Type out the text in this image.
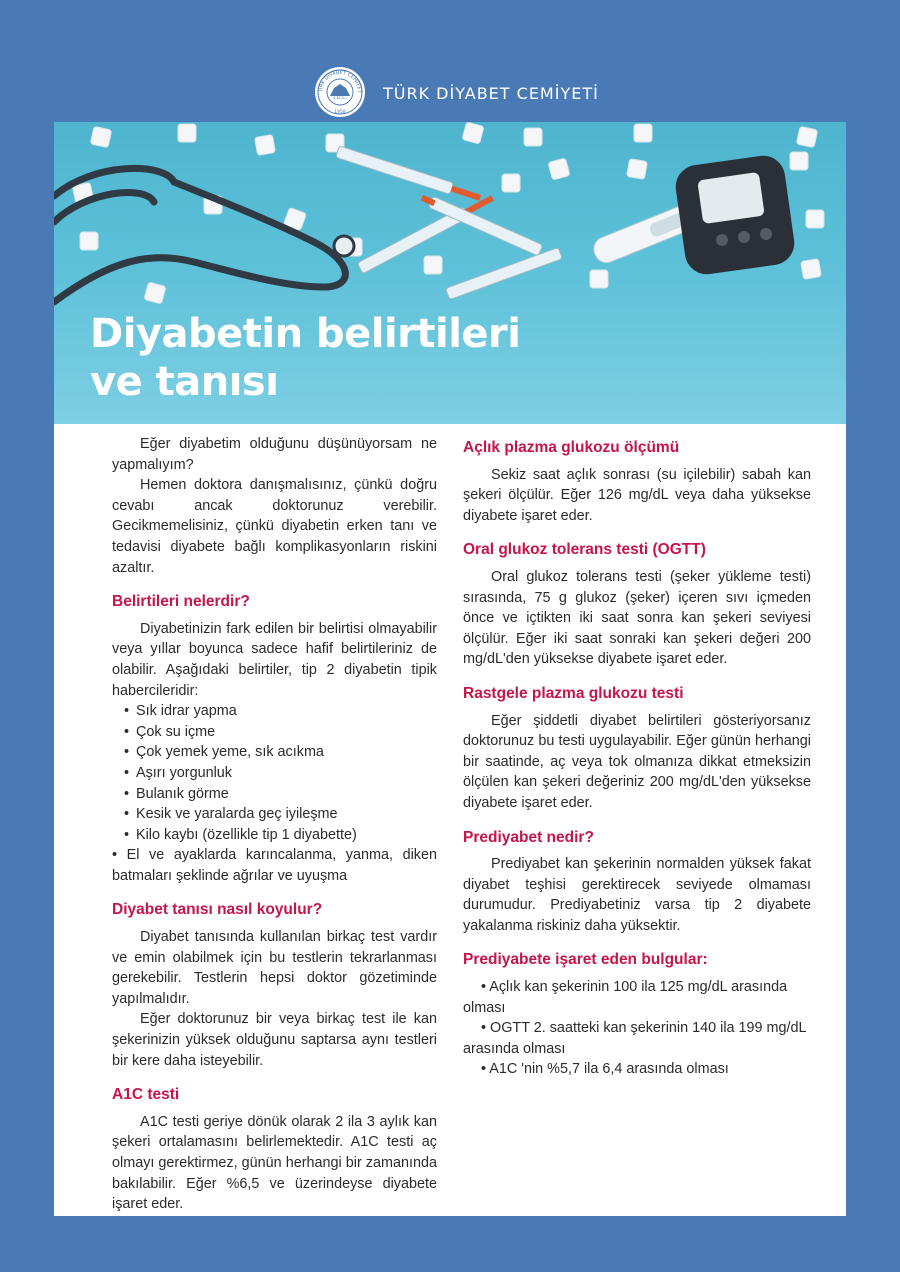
T.D.C.
1958
ÜRK DİYABET CEMİYET TÜRK DİYABET CEMİYETİ
Diyabetin belirtileri
ve tanısı

Eğer diyabetim olduğunu düşünüyorsam ne yapmalıyım?

Hemen doktora danışmalısınız, çünkü doğru cevabı ancak doktorunuz verebilir. Gecikmemelisiniz, çünkü diyabetin erken tanı ve tedavisi diyabete bağlı komplikasyonların riskini azaltır.

Belirtileri nelerdir?

Diyabetinizin fark edilen bir belirtisi olmayabilir veya yıllar boyunca sadece hafif belirtileriniz de olabilir. Aşağıdaki belirtiler, tip 2 diyabetin tipik habercileridir:

• Sık idrar yapma
• Çok su içme
• Çok yemek yeme, sık acıkma
• Aşırı yorgunluk
• Bulanık görme
• Kesik ve yaralarda geç iyileşme
• Kilo kaybı (özellikle tip 1 diyabette)

• El ve ayaklarda karıncalanma, yanma, diken batmaları şeklinde ağrılar ve uyuşma

Diyabet tanısı nasıl koyulur?

Diyabet tanısında kullanılan birkaç test vardır ve emin olabilmek için bu testlerin tekrarlanması gerekebilir. Testlerin hepsi doktor gözetiminde yapılmalıdır.

Eğer doktorunuz bir veya birkaç test ile kan şekerinizin yüksek olduğunu saptarsa aynı testleri bir kere daha isteyebilir.

A1C testi

A1C testi geriye dönük olarak 2 ila 3 aylık kan şekeri ortalamasını belirlemektedir. A1C testi aç olmayı gerektirmez, günün herhangi bir zamanında bakılabilir. Eğer %6,5 ve üzerindeyse diyabete işaret eder.

Açlık plazma glukozu ölçümü

Sekiz saat açlık sonrası (su içilebilir) sabah kan şekeri ölçülür. Eğer 126 mg/dL veya daha yüksekse diyabete işaret eder.

Oral glukoz tolerans testi (OGTT)

Oral glukoz tolerans testi (şeker yükleme testi) sırasında, 75 g glukoz (şeker) içeren sıvı içmeden önce ve içtikten iki saat sonra kan şekeri seviyesi ölçülür. Eğer iki saat sonraki kan şekeri değeri 200 mg/dL'den yüksekse diyabete işaret eder.

Rastgele plazma glukozu testi

Eğer şiddetli diyabet belirtileri gösteriyorsanız doktorunuz bu testi uygulayabilir. Eğer günün herhangi bir saatinde, aç veya tok olmanıza dikkat etmeksizin ölçülen kan şekeri değeriniz 200 mg/dL'den yüksekse diyabete işaret eder.

Prediyabet nedir?

Prediyabet kan şekerinin normalden yüksek fakat diyabet teşhisi gerektirecek seviyede olmaması durumudur. Prediyabetiniz varsa tip 2 diyabete yakalanma riskiniz daha yüksektir.

Prediyabete işaret eden bulgular:
• Açlık kan şekerinin 100 ila 125 mg/dL arasında olması
• OGTT 2. saatteki kan şekerinin 140 ila 199 mg/dL arasında olması
• A1C 'nin %5,7 ila 6,4 arasında olması
